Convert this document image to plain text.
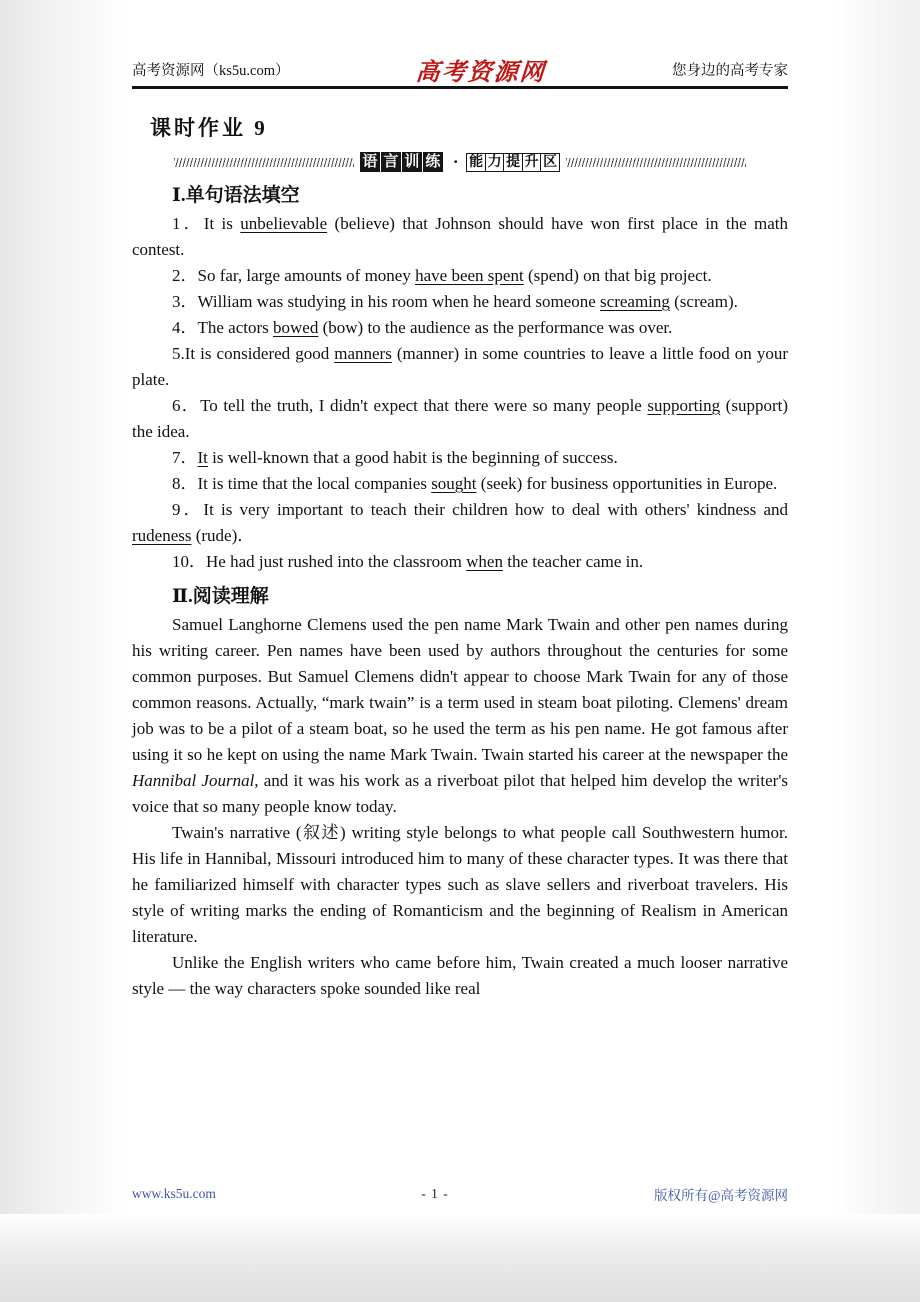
高考资源网（ks5u.com）	高考资源网	您身边的高考专家
课时作业 9
语 言 训 练 · 能 力 提 升 区
Ⅰ.单句语法填空

1．It is unbelievable (believe) that Johnson should have won first place in the math contest.

2．So far, large amounts of money have been spent (spend) on that big project.

3．William was studying in his room when he heard someone screaming (scream).

4．The actors bowed (bow) to the audience as the performance was over.

5.It is considered good manners (manner) in some countries to leave a little food on your plate.

6．To tell the truth, I didn't expect that there were so many people supporting (support) the idea.

7．It is well-known that a good habit is the beginning of success.

8．It is time that the local companies sought (seek) for business opportunities in Europe.

9．It is very important to teach their children how to deal with others' kindness and rudeness (rude)．

10．He had just rushed into the classroom when the teacher came in.

Ⅱ.阅读理解

Samuel Langhorne Clemens used the pen name Mark Twain and other pen names during his writing career. Pen names have been used by authors throughout the centuries for some common purposes. But Samuel Clemens didn't appear to choose Mark Twain for any of those common reasons. Actually, “mark twain” is a term used in steam boat piloting. Clemens' dream job was to be a pilot of a steam boat, so he used the term as his pen name. He got famous after using it so he kept on using the name Mark Twain. Twain started his career at the newspaper the Hannibal Journal, and it was his work as a riverboat pilot that helped him develop the writer's voice that so many people know today.

Twain's narrative (叙述) writing style belongs to what people call Southwestern humor. His life in Hannibal, Missouri introduced him to many of these character types. It was there that he familiarized himself with character types such as slave sellers and riverboat travelers. His style of writing marks the ending of Romanticism and the beginning of Realism in American literature.

Unlike the English writers who came before him, Twain created a much looser narrative style — the way characters spoke sounded like real

www.ks5u.com	- 1 -	版权所有@高考资源网
